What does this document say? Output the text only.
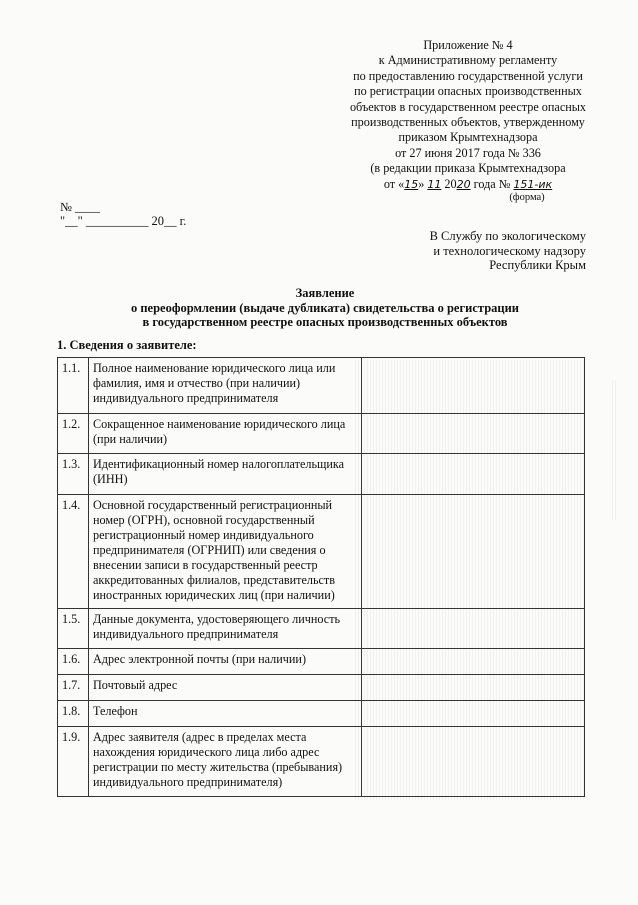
Приложение № 4
к Административному регламенту
по предоставлению государственной услуги
по регистрации опасных производственных
объектов в государственном реестре опасных
производственных объектов, утвержденному
приказом Крымтехнадзора
от 27 июня 2017 года № 336
(в редакции приказа Крымтехнадзора
от «15» 11 2020 года № 151-ик
(форма)
№ ____
"__" __________ 20__ г.
В Службу по экологическому
и технологическому надзору
Республики Крым
Заявление
о переоформлении (выдаче дубликата) свидетельства о регистрации
в государственном реестре опасных производственных объектов
1. Сведения о заявителе:
1.1.	Полное наименование юридического лица или фамилия, имя и отчество (при наличии) индивидуального предпринимателя	
1.2.	Сокращенное наименование юридического лица (при наличии)	
1.3.	Идентификационный номер налогоплательщика (ИНН)	
1.4.	Основной государственный регистрационный номер (ОГРН), основной государственный регистрационный номер индивидуального предпринимателя (ОГРНИП) или сведения о внесении записи в государственный реестр аккредитованных филиалов, представительств иностранных юридических лиц (при наличии)	
1.5.	Данные документа, удостоверяющего личность индивидуального предпринимателя	
1.6.	Адрес электронной почты (при наличии)	
1.7.	Почтовый адрес	
1.8.	Телефон	
1.9.	Адрес заявителя (адрес в пределах места нахождения юридического лица либо адрес регистрации по месту жительства (пребывания) индивидуального предпринимателя)	
